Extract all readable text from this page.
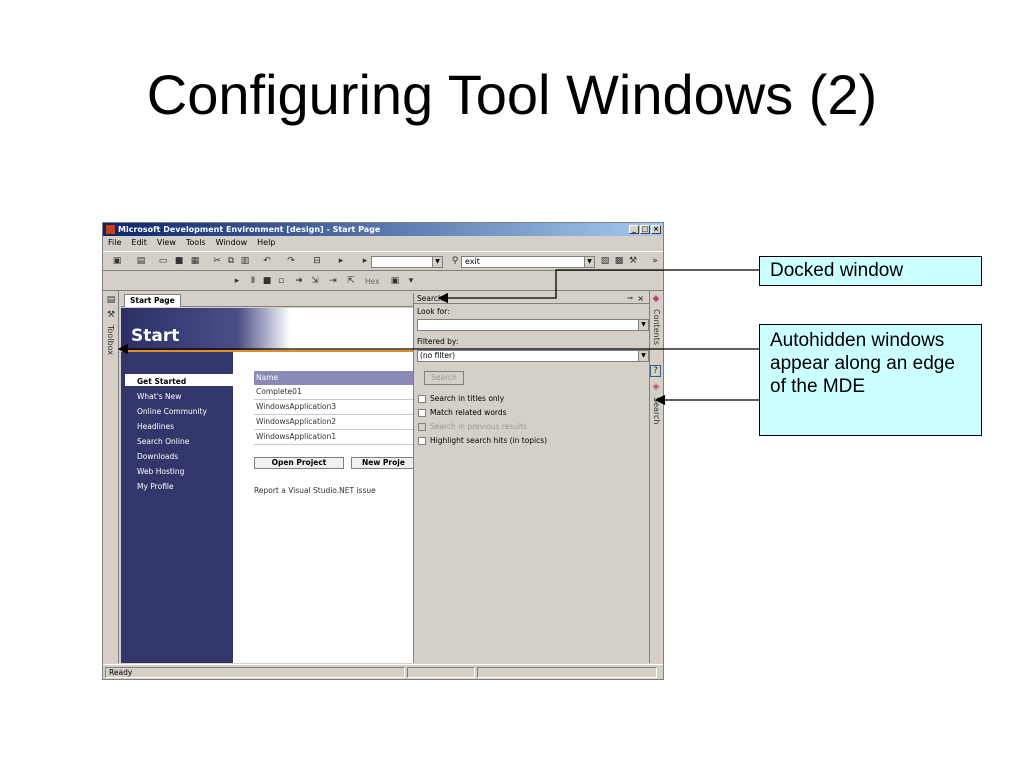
Configuring Tool Windows (2)
Microsoft Development Environment [design] - Start Page	_ □ ×
File	Edit	View	Tools	Window	Help
▣ ▤ ▭ ■ ▦ ✂ ⧉ ▥ ↶ ↷ ⊟	▸	▸	▼	⚲ exit	▼ ▨ ▩ ⚒	»
▸	Ⅱ ■ ▫	➜ ⇲ ⇥ ⇱ Hex ▣	▾
▤
⚒
Toolbox
Start Page
Start
Get Started
What's New
Online Community
Headlines
Search Online
Downloads
Web Hosting
My Profile
Name
Complete01
WindowsApplication3
WindowsApplication2
WindowsApplication1
Open Project	New Proje
Report a Visual Studio.NET issue
Search	⊸ ×
Look for:
▼
Filtered by:
(no filter)	▼
Search
Search in titles only
Match related words
Search in previous results
Highlight search hits (in topics)
◆
Contents
?
◈
Search
Ready
Docked window
Autohidden windows appear along an edge of the MDE
